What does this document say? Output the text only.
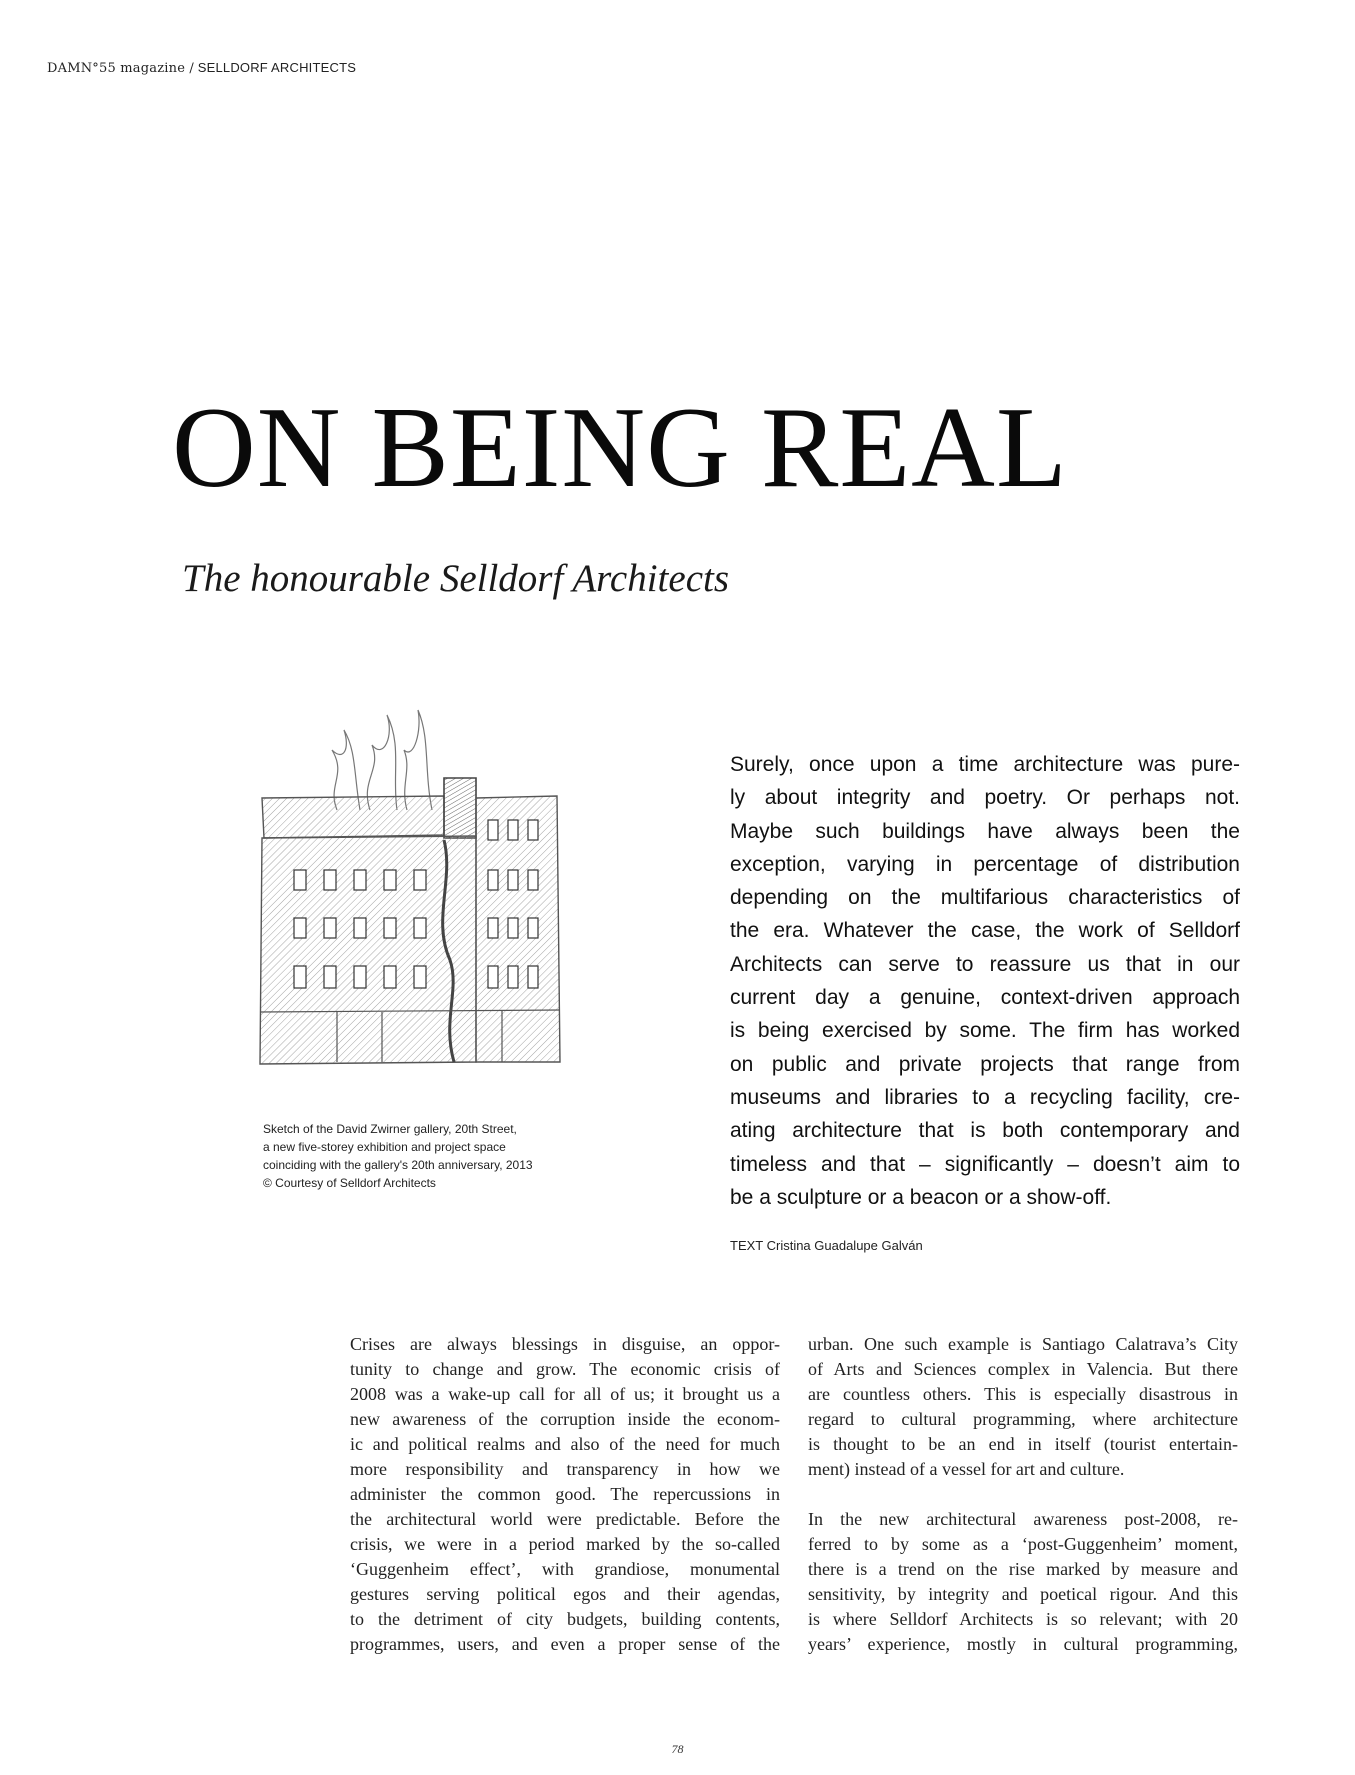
DAMN°55 magazine / SELLDORF ARCHITECTS
ON BEING REAL
The honourable Selldorf Architects
Sketch of the David Zwirner gallery, 20th Street,
a new five-storey exhibition and project space
coinciding with the gallery's 20th anniversary, 2013
© Courtesy of Selldorf Architects
Surely, once upon a time architecture was pure-
ly about integrity and poetry. Or perhaps not.
Maybe such buildings have always been the
exception, varying in percentage of distribution
depending on the multifarious characteristics of
the era. Whatever the case, the work of Selldorf
Architects can serve to reassure us that in our
current day a genuine, context-driven approach
is being exercised by some. The firm has worked
on public and private projects that range from
museums and libraries to a recycling facility, cre-
ating architecture that is both contemporary and
timeless and that – significantly – doesn’t aim to
be a sculpture or a beacon or a show-off.
TEXT Cristina Guadalupe Galván
Crises are always blessings in disguise, an oppor-
tunity to change and grow. The economic crisis of
2008 was a wake-up call for all of us; it brought us a
new awareness of the corruption inside the econom-
ic and political realms and also of the need for much
more responsibility and transparency in how we
administer the common good. The repercussions in
the architectural world were predictable. Before the
crisis, we were in a period marked by the so-called
‘Guggenheim effect’, with grandiose, monumental
gestures serving political egos and their agendas,
to the detriment of city budgets, building contents,
programmes, users, and even a proper sense of the
urban. One such example is Santiago Calatrava’s City
of Arts and Sciences complex in Valencia. But there
are countless others. This is especially disastrous in
regard to cultural programming, where architecture
is thought to be an end in itself (tourist entertain-
ment) instead of a vessel for art and culture.
In the new architectural awareness post-2008, re-
ferred to by some as a ‘post-Guggenheim’ moment,
there is a trend on the rise marked by measure and
sensitivity, by integrity and poetical rigour. And this
is where Selldorf Architects is so relevant; with 20
years’ experience, mostly in cultural programming,
78
